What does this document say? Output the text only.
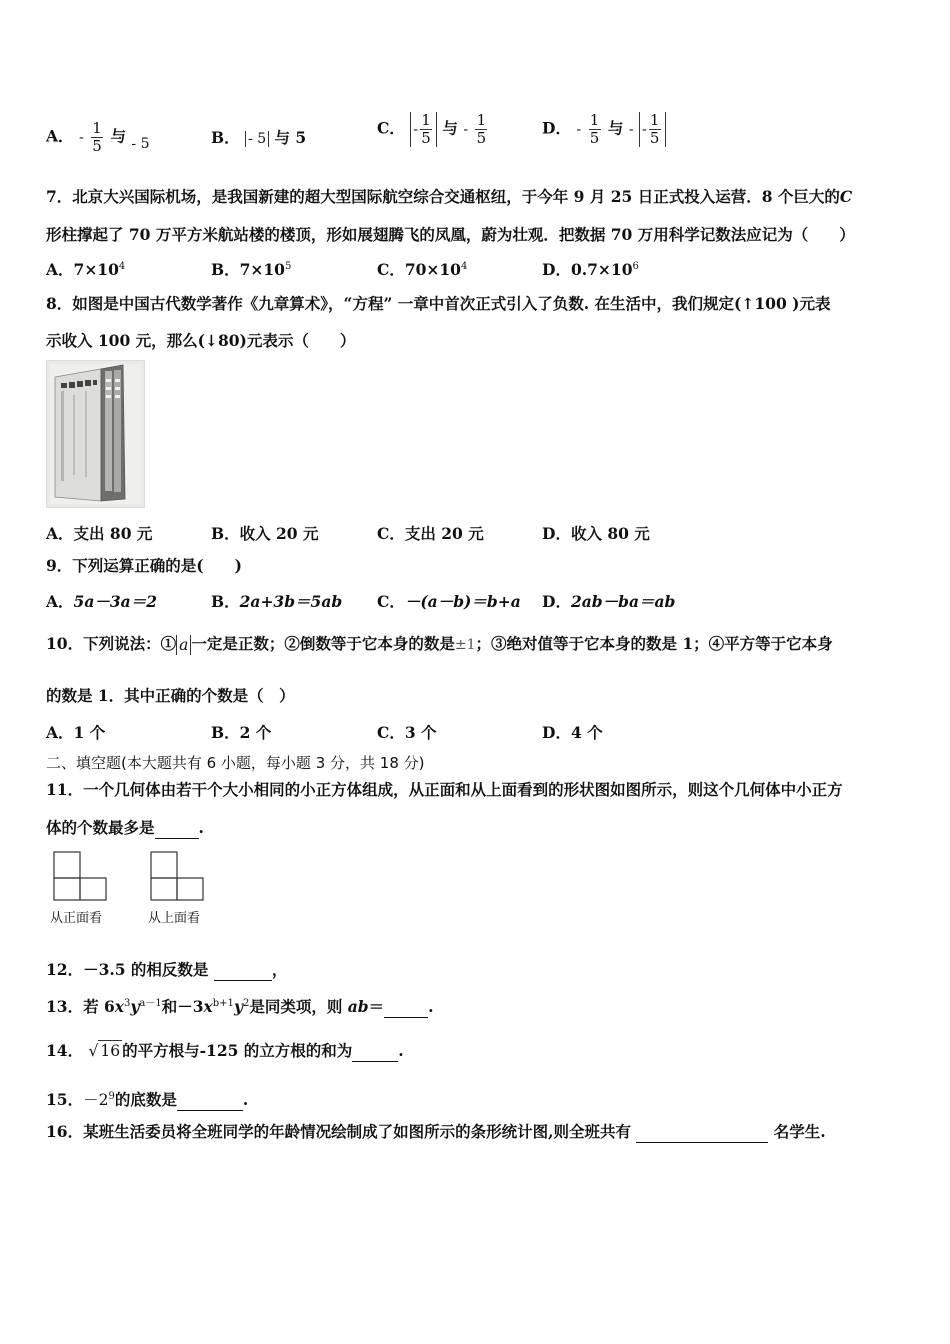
A． - $\frac{1}{5}$ 与 - 5	B． - 5 与 5	C． - $\frac{1}{5}$ 与 - $\frac{1}{5}$	D． - $\frac{1}{5}$ 与 - - $\frac{1}{5}$
7．北京大兴国际机场，是我国新建的超大型国际航空综合交通枢纽，于今年 9 月 25 日正式投入运营．8 个巨大的C
形柱撑起了 70 万平方米航站楼的楼顶，形如展翅腾飞的凤凰，蔚为壮观．把数据 70 万用科学记数法应记为（　　）
A．$7\times 10^4$	B．$7\times 10^5$	C．$70\times 10^4$	D．$0.7\times 10^6$
8．如图是中国古代数学著作《九章算术》，“方程” 一章中首次正式引入了负数. 在生活中，我们规定(↑100 )元表
示收入 100 元，那么(↓80)元表示（　　）
A．支出 80 元	B．收入 20 元	C．支出 20 元	D．收入 80 元
9．下列运算正确的是(　　)
A．5a－3a＝2	B．2a+3b＝5ab C．－(a－b)＝b+a D．2ab－ba＝ab
10．下列说法：① a 一定是正数；②倒数等于它本身的数是±1；③绝对值等于它本身的数是 1；④平方等于它本身
的数是 1．其中正确的个数是（　）
A．1 个	B．2 个	C．3 个	D．4 个
二、填空题(本大题共有 6 小题，每小题 3 分，共 18 分)
11．一个几何体由若干个大小相同的小正方体组成，从正面和从上面看到的形状图如图所示，则这个几何体中小正方
体的个数最多是	.
从正面看	从上面看
12．－3.5 的相反数是	，
13．若 $6x^3y^{a-1}$和$-3x^{b+1}y^2$是同类项，则 ab＝	.
14． √ 16 的平方根与-125 的立方根的和为	.
15．$-2^9$的底数是	.
16．某班生活委员将全班同学的年龄情况绘制成了如图所示的条形统计图,则全班共有	名学生.
